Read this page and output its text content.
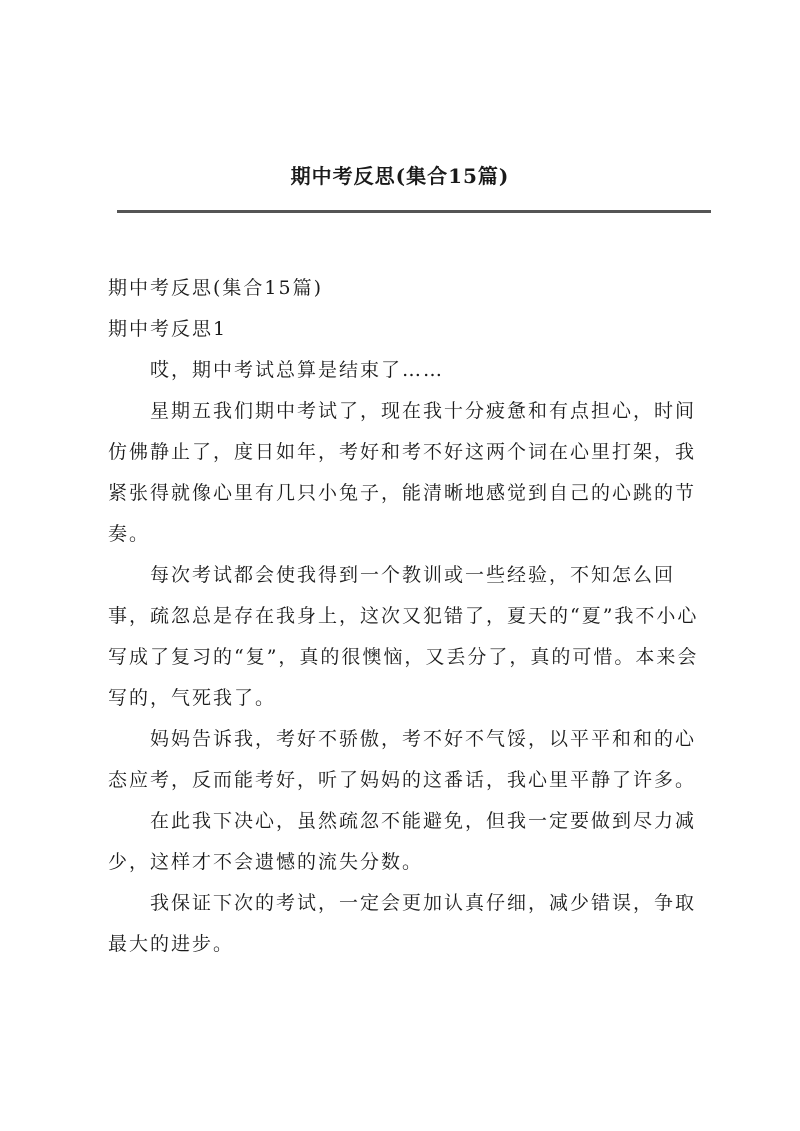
期中考反思(集合15篇)

期中考反思(集合15篇)

期中考反思1

哎，期中考试总算是结束了……

星期五我们期中考试了，现在我十分疲惫和有点担心，时间仿佛静止了，度日如年，考好和考不好这两个词在心里打架，我紧张得就像心里有几只小兔子，能清晰地感觉到自己的心跳的节奏。

每次考试都会使我得到一个教训或一些经验，不知怎么回事，疏忽总是存在我身上，这次又犯错了，夏天的“夏”我不小心写成了复习的“复”，真的很懊恼，又丢分了，真的可惜。本来会写的，气死我了。

妈妈告诉我，考好不骄傲，考不好不气馁，以平平和和的心态应考，反而能考好，听了妈妈的这番话，我心里平静了许多。

在此我下决心，虽然疏忽不能避免，但我一定要做到尽力减少，这样才不会遗憾的流失分数。

我保证下次的考试，一定会更加认真仔细，减少错误，争取最大的进步。
